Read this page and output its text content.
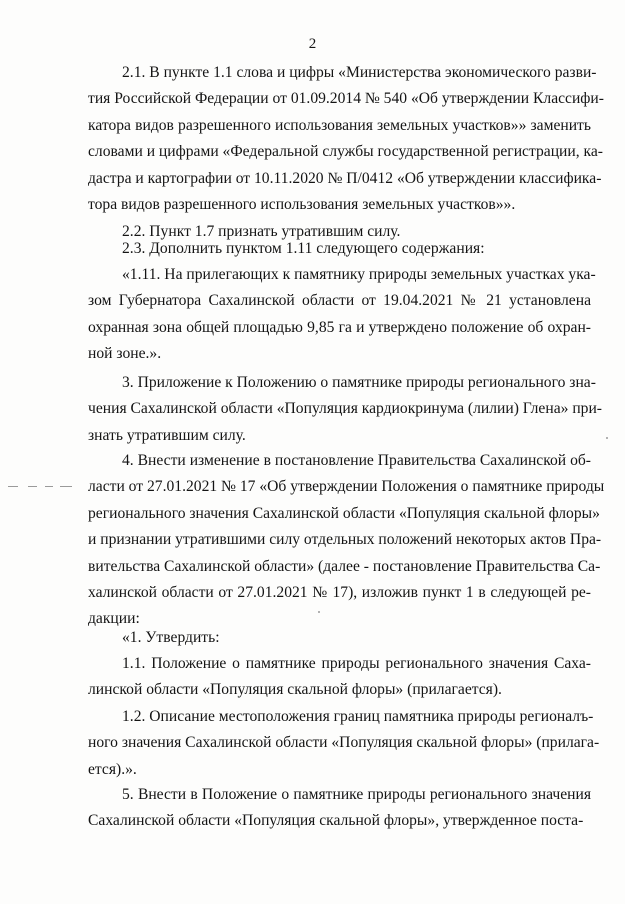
2

2.1. В пункте 1.1 слова и цифры «Министерства экономического разви-
тия Российской Федерации от 01.09.2014 № 540 «Об утверждении Классифи-
катора видов разрешенного использования земельных участков»» заменить
словами и цифрами «Федеральной службы государственной регистрации, ка-
дастра и картографии от 10.11.2020 № П/0412 «Об утверждении классифика-
тора видов разрешенного использования земельных участков»».

2.2. Пункт 1.7 признать утратившим силу.

2.3. Дополнить пунктом 1.11 следующего содержания:

«1.11. На прилегающих к памятнику природы земельных участках ука-
зом Губернатора Сахалинской области от 19.04.2021 № 21 установлена
охранная зона общей площадью 9,85 га и утверждено положение об охран-
ной зоне.».

3. Приложение к Положению о памятнике природы регионального зна-
чения Сахалинской области «Популяция кардиокринума (лилии) Глена» при-
знать утратившим силу.

4. Внести изменение в постановление Правительства Сахалинской об-
ласти от 27.01.2021 № 17 «Об утверждении Положения о памятнике природы
регионального значения Сахалинской области «Популяция скальной флоры»
и признании утратившими силу отдельных положений некоторых актов Пра-
вительства Сахалинской области» (далее - постановление Правительства Са-
халинской области от 27.01.2021 № 17), изложив пункт 1 в следующей ре-
дакции:

«1. Утвердить:

1.1. Положение о памятнике природы регионального значения Саха-
линской области «Популяция скальной флоры» (прилагается).

1.2. Описание местоположения границ памятника природы регионалъ-
ного значения Сахалинской области «Популяция скальной флоры» (прилага-
ется).».

5. Внести в Положение о памятнике природы регионального значения
Сахалинской области «Популяция скальной флоры», утвержденное поста-
